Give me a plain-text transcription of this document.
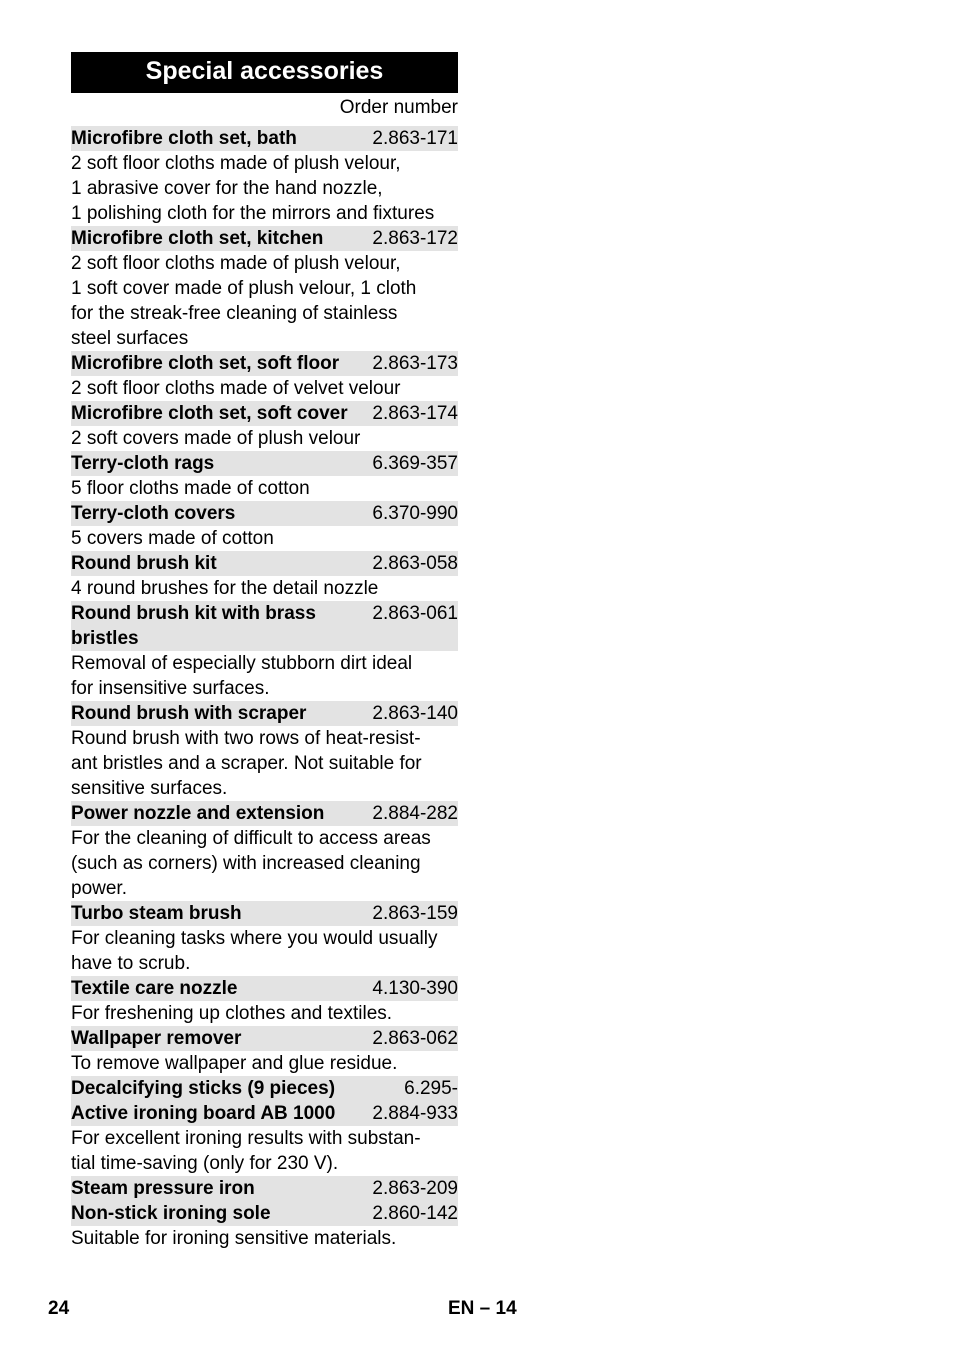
Special accessories
Order number
Microfibre cloth set, bath	2.863-171
2 soft floor cloths made of plush velour,
1 abrasive cover for the hand nozzle,
1 polishing cloth for the mirrors and fixtures
Microfibre cloth set, kitchen	2.863-172
2 soft floor cloths made of plush velour,
1 soft cover made of plush velour, 1 cloth
for the streak-free cleaning of stainless
steel surfaces
Microfibre cloth set, soft floor	2.863-173
2 soft floor cloths made of velvet velour
Microfibre cloth set, soft cover	2.863-174
2 soft covers made of plush velour
Terry-cloth rags	6.369-357
5 floor cloths made of cotton
Terry-cloth covers	6.370-990
5 covers made of cotton
Round brush kit	2.863-058
4 round brushes for the detail nozzle
Round brush kit with brass bristles
2.863-061
Removal of especially stubborn dirt ideal
for insensitive surfaces.
Round brush with scraper	2.863-140
Round brush with two rows of heat-resist-
ant bristles and a scraper. Not suitable for
sensitive surfaces.
Power nozzle and extension	2.884-282
For the cleaning of difficult to access areas
(such as corners) with increased cleaning
power.
Turbo steam brush	2.863-159
For cleaning tasks where you would usually
have to scrub.
Textile care nozzle	4.130-390
For freshening up clothes and textiles.
Wallpaper remover	2.863-062
To remove wallpaper and glue residue.
Decalcifying sticks (9 pieces)	6.295-
Active ironing board AB 1000	2.884-933
For excellent ironing results with substan-
tial time-saving (only for 230 V).
Steam pressure iron	2.863-209
Non-stick ironing sole	2.860-142
Suitable for ironing sensitive materials.
24	EN – 14
